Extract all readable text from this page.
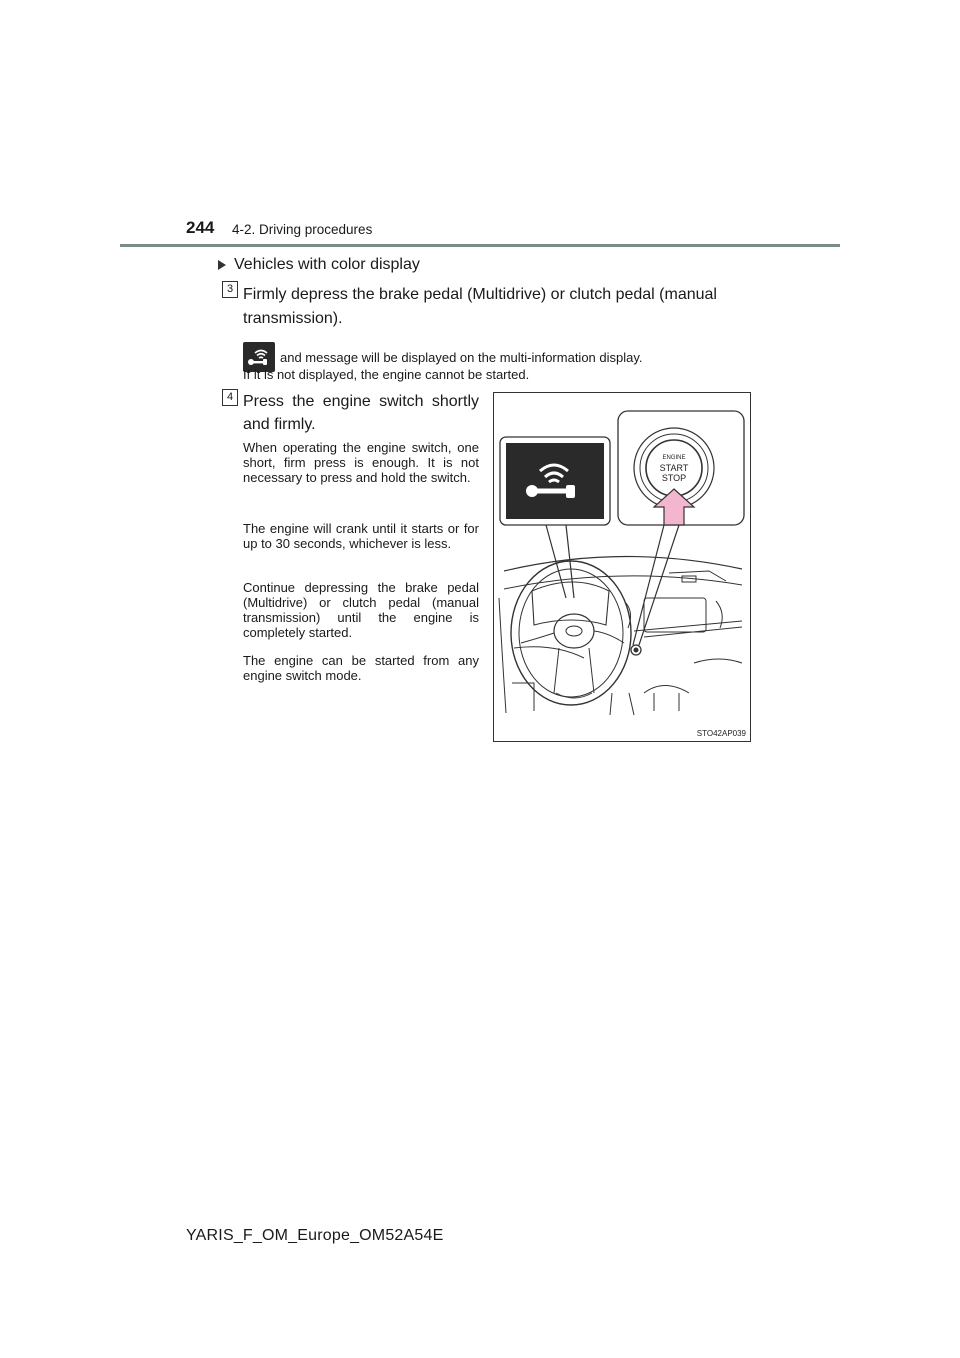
244 4-2. Driving procedures
Vehicles with color display
3 Firmly depress the brake pedal (Multidrive) or clutch pedal (manual transmission).
and message will be displayed on the multi-information display.
If it is not displayed, the engine cannot be started.
4 Press the engine switch shortly and firmly.
When operating the engine switch, one short, firm press is enough. It is not necessary to press and hold the switch.
The engine will crank until it starts or for up to 30 seconds, whichever is less.
Continue depressing the brake pedal (Multidrive) or clutch pedal (manual transmission) until the engine is completely started.
The engine can be started from any engine switch mode.
ENGINE
START
STOP
STO42AP039
YARIS_F_OM_Europe_OM52A54E
